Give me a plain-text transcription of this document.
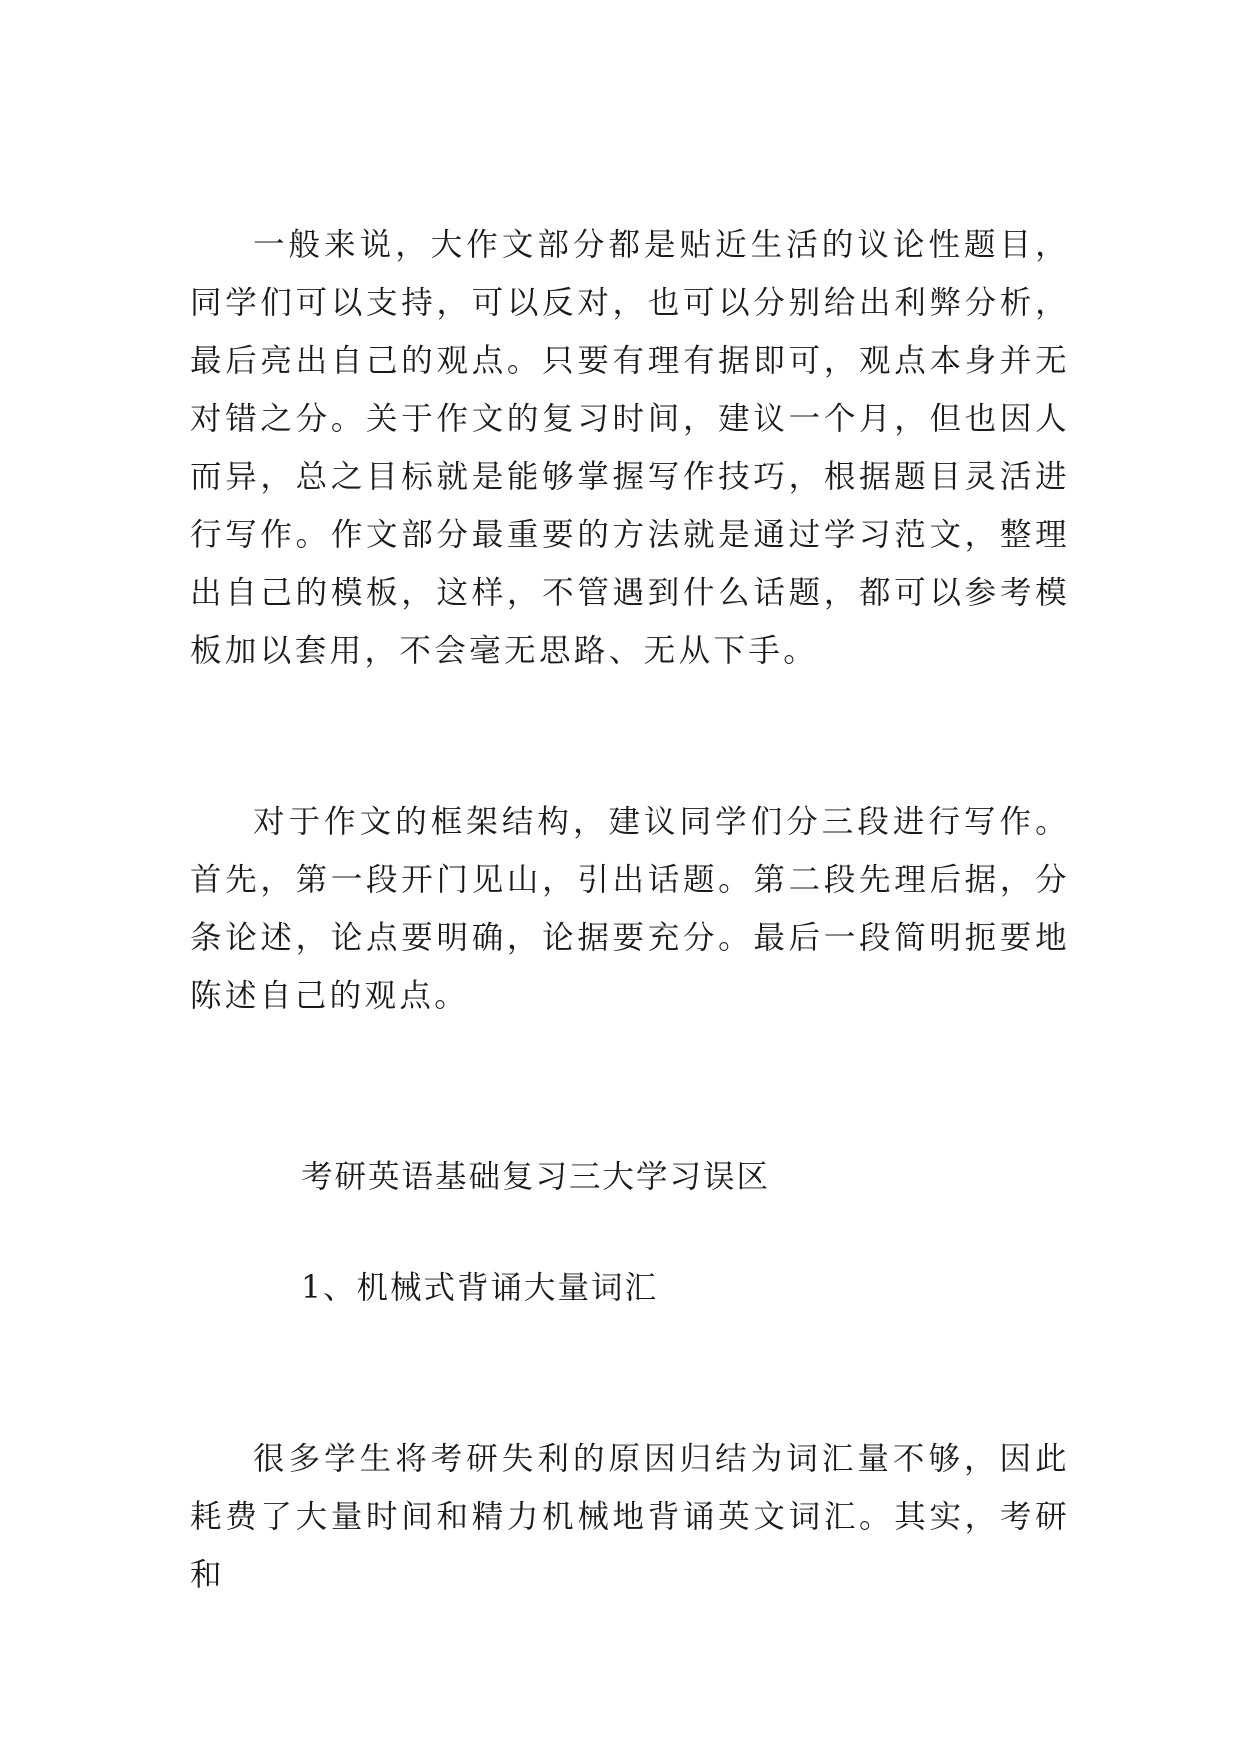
一般来说，大作文部分都是贴近生活的议论性题目，同学们可以支持，可以反对，也可以分别给出利弊分析，最后亮出自己的观点。只要有理有据即可，观点本身并无对错之分。关于作文的复习时间，建议一个月，但也因人而异，总之目标就是能够掌握写作技巧，根据题目灵活进行写作。作文部分最重要的方法就是通过学习范文，整理出自己的模板，这样，不管遇到什么话题，都可以参考模板加以套用，不会毫无思路、无从下手。

对于作文的框架结构，建议同学们分三段进行写作。首先，第一段开门见山，引出话题。第二段先理后据，分条论述，论点要明确，论据要充分。最后一段简明扼要地陈述自己的观点。

考研英语基础复习三大学习误区

1、机械式背诵大量词汇

很多学生将考研失利的原因归结为词汇量不够，因此耗费了大量时间和精力机械地背诵英文词汇。其实，考研和
